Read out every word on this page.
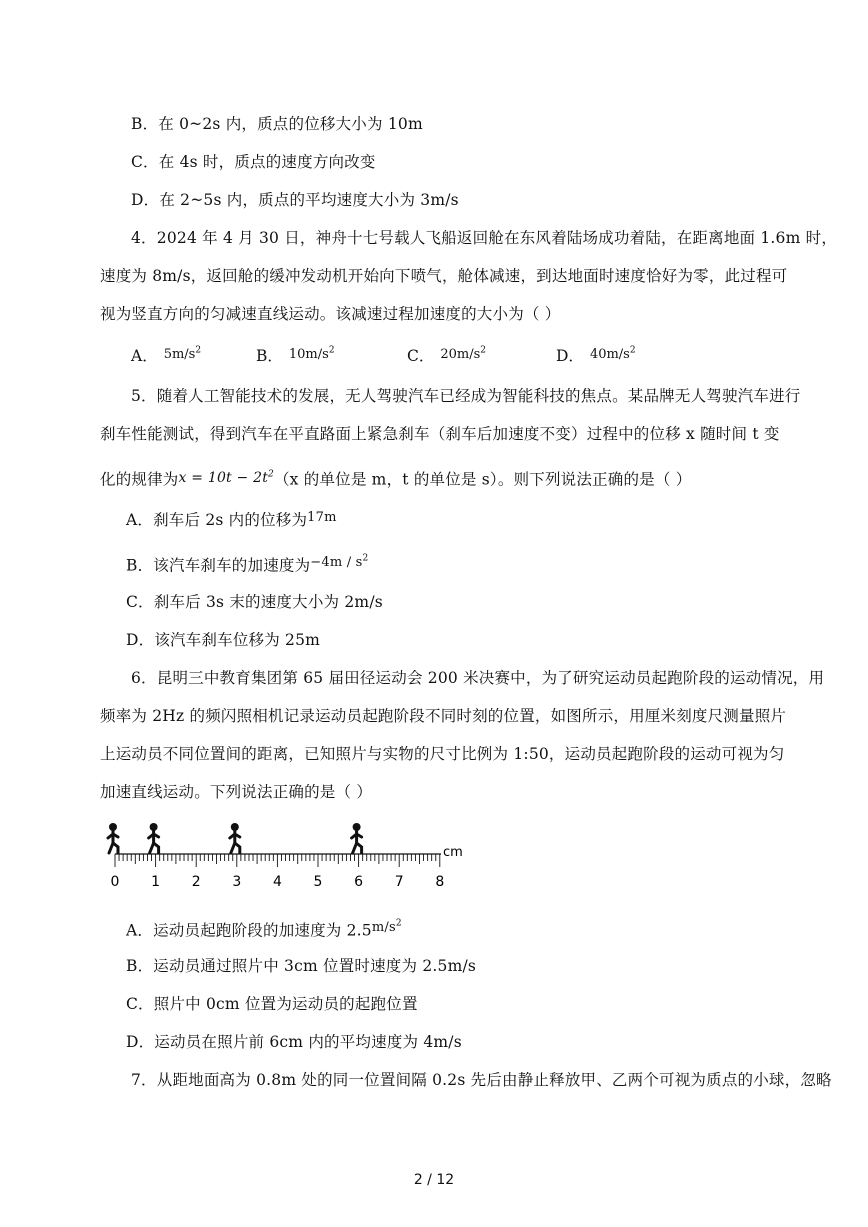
B．在 0~2s 内，质点的位移大小为 10m
C．在 4s 时，质点的速度方向改变
D．在 2~5s 内，质点的平均速度大小为 3m/s
4．2024 年 4 月 30 日，神舟十七号载人飞船返回舱在东风着陆场成功着陆，在距离地面 1.6m 时，
速度为 8m/s，返回舱的缓冲发动机开始向下喷气，舱体减速，到达地面时速度恰好为零，此过程可
视为竖直方向的匀减速直线运动。该减速过程加速度的大小为（ ）
A． $5m/s^2$	B． $10m/s^2$	C． $20m/s^2$	D． $40m/s^2$
5．随着人工智能技术的发展，无人驾驶汽车已经成为智能科技的焦点。某品牌无人驾驶汽车进行
刹车性能测试，得到汽车在平直路面上紧急刹车（刹车后加速度不变）过程中的位移 x 随时间 t 变
化的规律为$x = 10t - 2t^2(x$ 的单位是 m，t 的单位是 s）。则下列说法正确的是（ ）
A．刹车后 2s 内的位移为$^{17m}$
B．该汽车刹车的加速度为$^{-4m / s^2}$
C．刹车后 3s 末的速度大小为 2m/s
D．该汽车刹车位移为 25m
6．昆明三中教育集团第 65 届田径运动会 200 米决赛中，为了研究运动员起跑阶段的运动情况，用
频率为 2Hz 的频闪照相机记录运动员起跑阶段不同时刻的位置，如图所示，用厘米刻度尺测量照片
上运动员不同位置间的距离，已知照片与实物的尺寸比例为 1:50，运动员起跑阶段的运动可视为匀
加速直线运动。下列说法正确的是（ ）
cm
0 1 2 3 4 5 6 7 8
A．运动员起跑阶段的加速度为 $2.5^{m/s^2}$
B．运动员通过照片中 3cm 位置时速度为 2.5m/s
C．照片中 0cm 位置为运动员的起跑位置
D．运动员在照片前 6cm 内的平均速度为 4m/s
7．从距地面高为 0.8m 处的同一位置间隔 0.2s 先后由静止释放甲、乙两个可视为质点的小球，忽略
2 / 12
